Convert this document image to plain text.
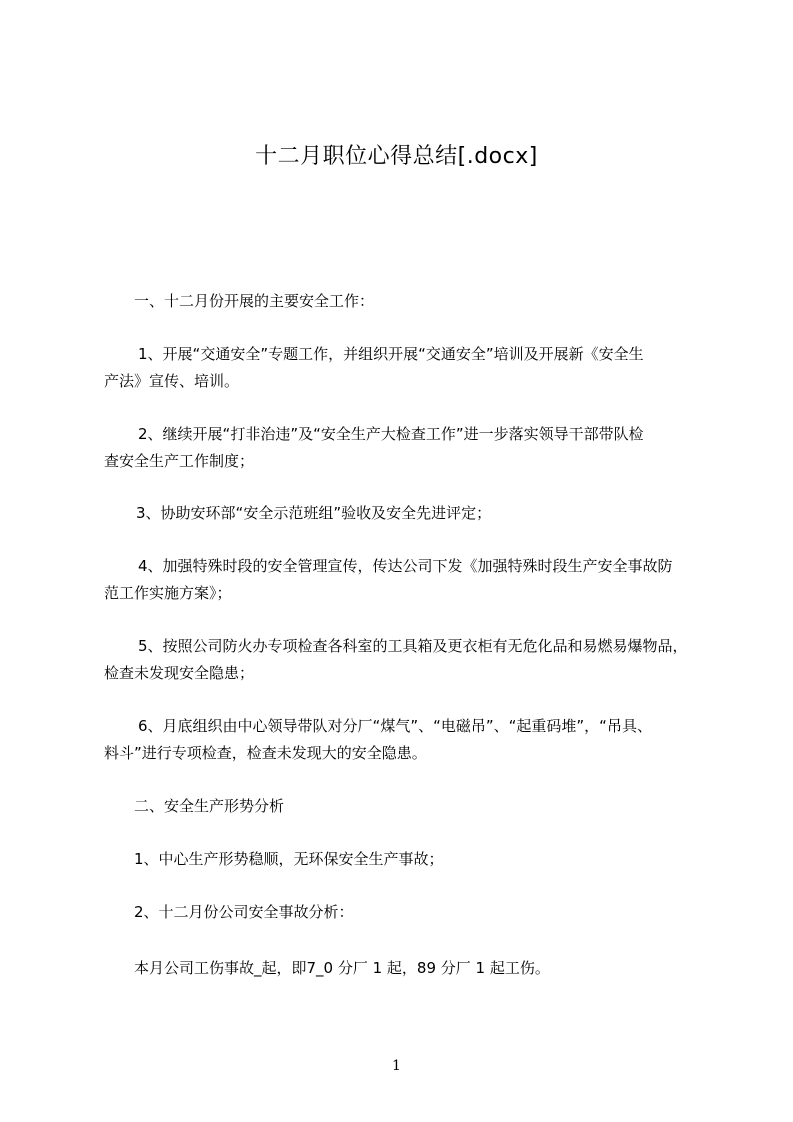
十二月职位心得总结[.docx]
一、十二月份开展的主要安全工作：
1、开展“交通安全”专题工作，并组织开展“交通安全”培训及开展新《安全生
产法》宣传、培训。
2、继续开展“打非治违”及“安全生产大检查工作”进一步落实领导干部带队检
查安全生产工作制度；
3、协助安环部“安全示范班组”验收及安全先进评定；
4、加强特殊时段的安全管理宣传，传达公司下发《加强特殊时段生产安全事故防
范工作实施方案》；
5、按照公司防火办专项检查各科室的工具箱及更衣柜有无危化品和易燃易爆物品，
检查未发现安全隐患；
6、月底组织由中心领导带队对分厂“煤气”、“电磁吊”、“起重码堆”，“吊具、
料斗”进行专项检查，检查未发现大的安全隐患。
二、安全生产形势分析
1、中心生产形势稳顺，无环保安全生产事故；
2、十二月份公司安全事故分析：
本月公司工伤事故_起，即7_0 分厂 1 起，89 分厂 1 起工伤。
1
